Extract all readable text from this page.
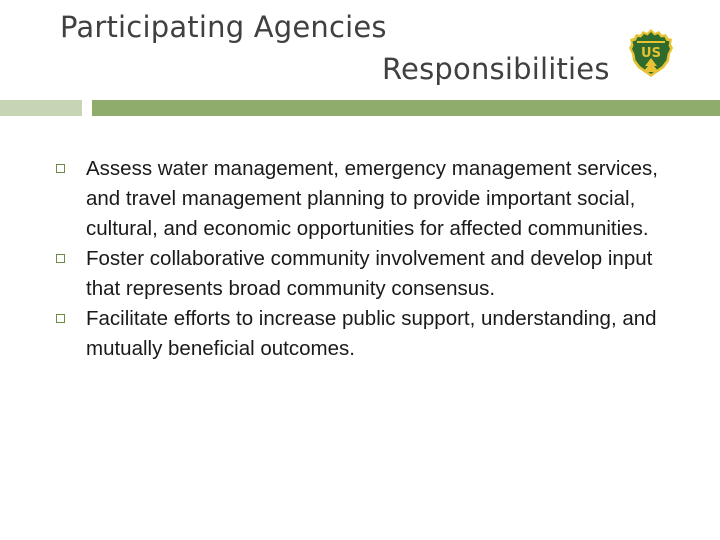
Participating Agencies
Responsibilities US
Assess water management, emergency management services, and travel management planning to provide important social, cultural, and economic opportunities for affected communities.
Foster collaborative community involvement and develop input that represents broad community consensus.
Facilitate efforts to increase public support, understanding, and mutually beneficial outcomes.
